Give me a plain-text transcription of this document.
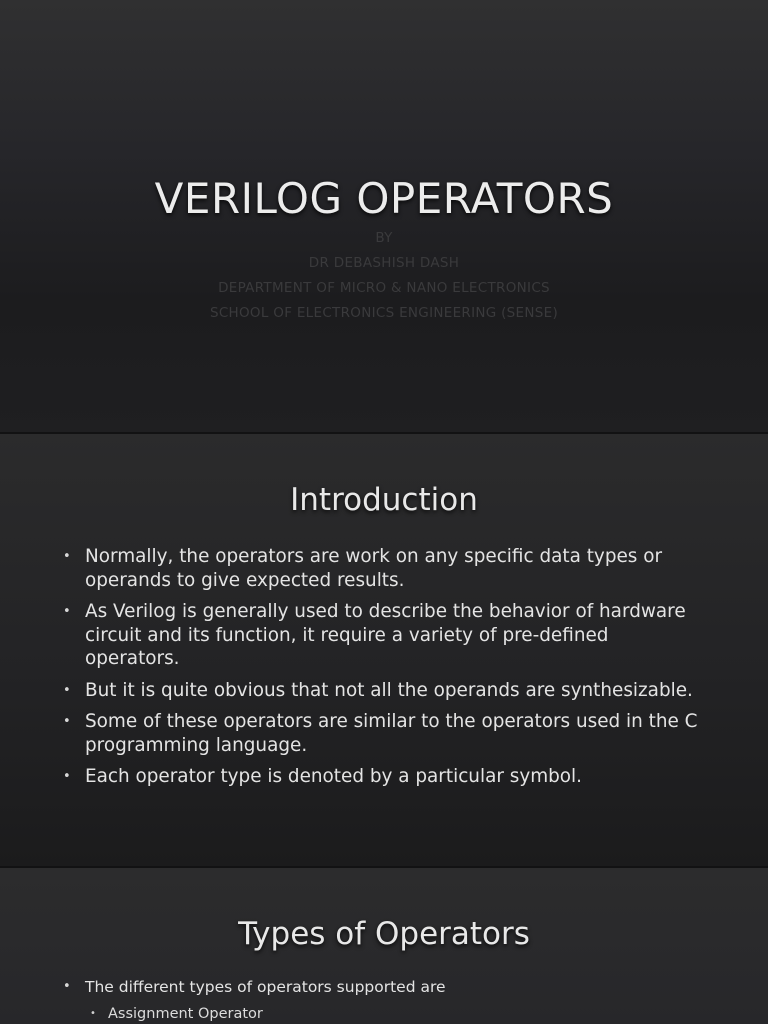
VERILOG OPERATORS
BY
DR DEBASHISH DASH
DEPARTMENT OF MICRO & NANO ELECTRONICS
SCHOOL OF ELECTRONICS ENGINEERING (SENSE)
Introduction
• Normally, the operators are work on any specific data types or operands to give expected results.
• As Verilog is generally used to describe the behavior of hardware circuit and its function, it require a variety of pre-defined operators.
• But it is quite obvious that not all the operands are synthesizable.
• Some of these operators are similar to the operators used in the C programming language.
• Each operator type is denoted by a particular symbol.
Types of Operators
• The different types of operators supported are
• Assignment Operator
